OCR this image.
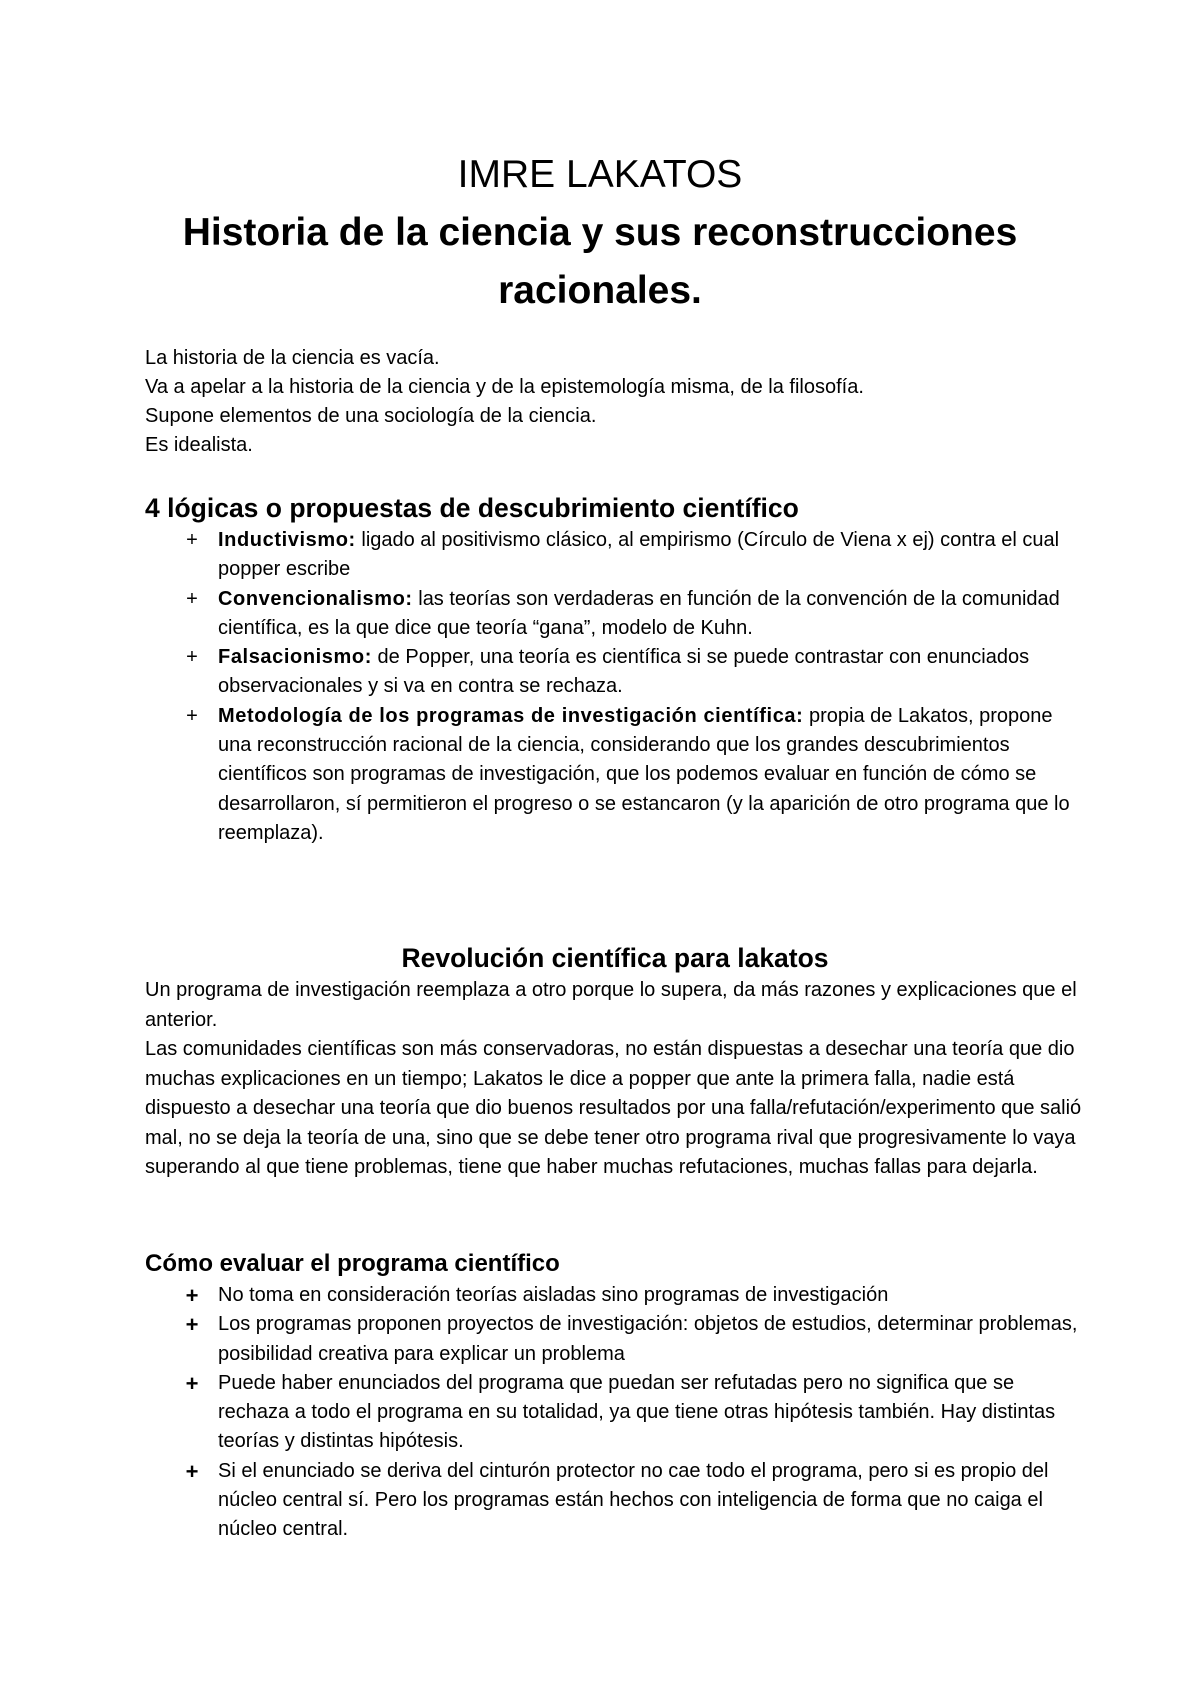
IMRE LAKATOS

Historia de la ciencia y sus reconstrucciones

racionales.

La historia de la ciencia es vacía.

Va a apelar a la historia de la ciencia y de la epistemología misma, de la filosofía.

Supone elementos de una sociología de la ciencia.

Es idealista.

4 lógicas o propuestas de descubrimiento científico
+ Inductivismo: ligado al positivismo clásico, al empirismo (Círculo de Viena x ej) contra el cual popper escribe
+ Convencionalismo: las teorías son verdaderas en función de la convención de la comunidad científica, es la que dice que teoría “gana”, modelo de Kuhn.
+ Falsacionismo: de Popper, una teoría es científica si se puede contrastar con enunciados observacionales y si va en contra se rechaza.
+ Metodología de los programas de investigación científica: propia de Lakatos, propone una reconstrucción racional de la ciencia, considerando que los grandes descubrimientos científicos son programas de investigación, que los podemos evaluar en función de cómo se desarrollaron, sí permitieron el progreso o se estancaron (y la aparición de otro programa que lo reemplaza).
Revolución científica para lakatos

Un programa de investigación reemplaza a otro porque lo supera, da más razones y explicaciones que el anterior.

Las comunidades científicas son más conservadoras, no están dispuestas a desechar una teoría que dio muchas explicaciones en un tiempo; Lakatos le dice a popper que ante la primera falla, nadie está dispuesto a desechar una teoría que dio buenos resultados por una falla/refutación/experimento que salió mal, no se deja la teoría de una, sino que se debe tener otro programa rival que progresivamente lo vaya superando al que tiene problemas, tiene que haber muchas refutaciones, muchas fallas para dejarla.

Cómo evaluar el programa científico
+ No toma en consideración teorías aisladas sino programas de investigación
+ Los programas proponen proyectos de investigación: objetos de estudios, determinar problemas, posibilidad creativa para explicar un problema
+ Puede haber enunciados del programa que puedan ser refutadas pero no significa que se rechaza a todo el programa en su totalidad, ya que tiene otras hipótesis también. Hay distintas teorías y distintas hipótesis.
+ Si el enunciado se deriva del cinturón protector no cae todo el programa, pero si es propio del núcleo central sí. Pero los programas están hechos con inteligencia de forma que no caiga el núcleo central.
